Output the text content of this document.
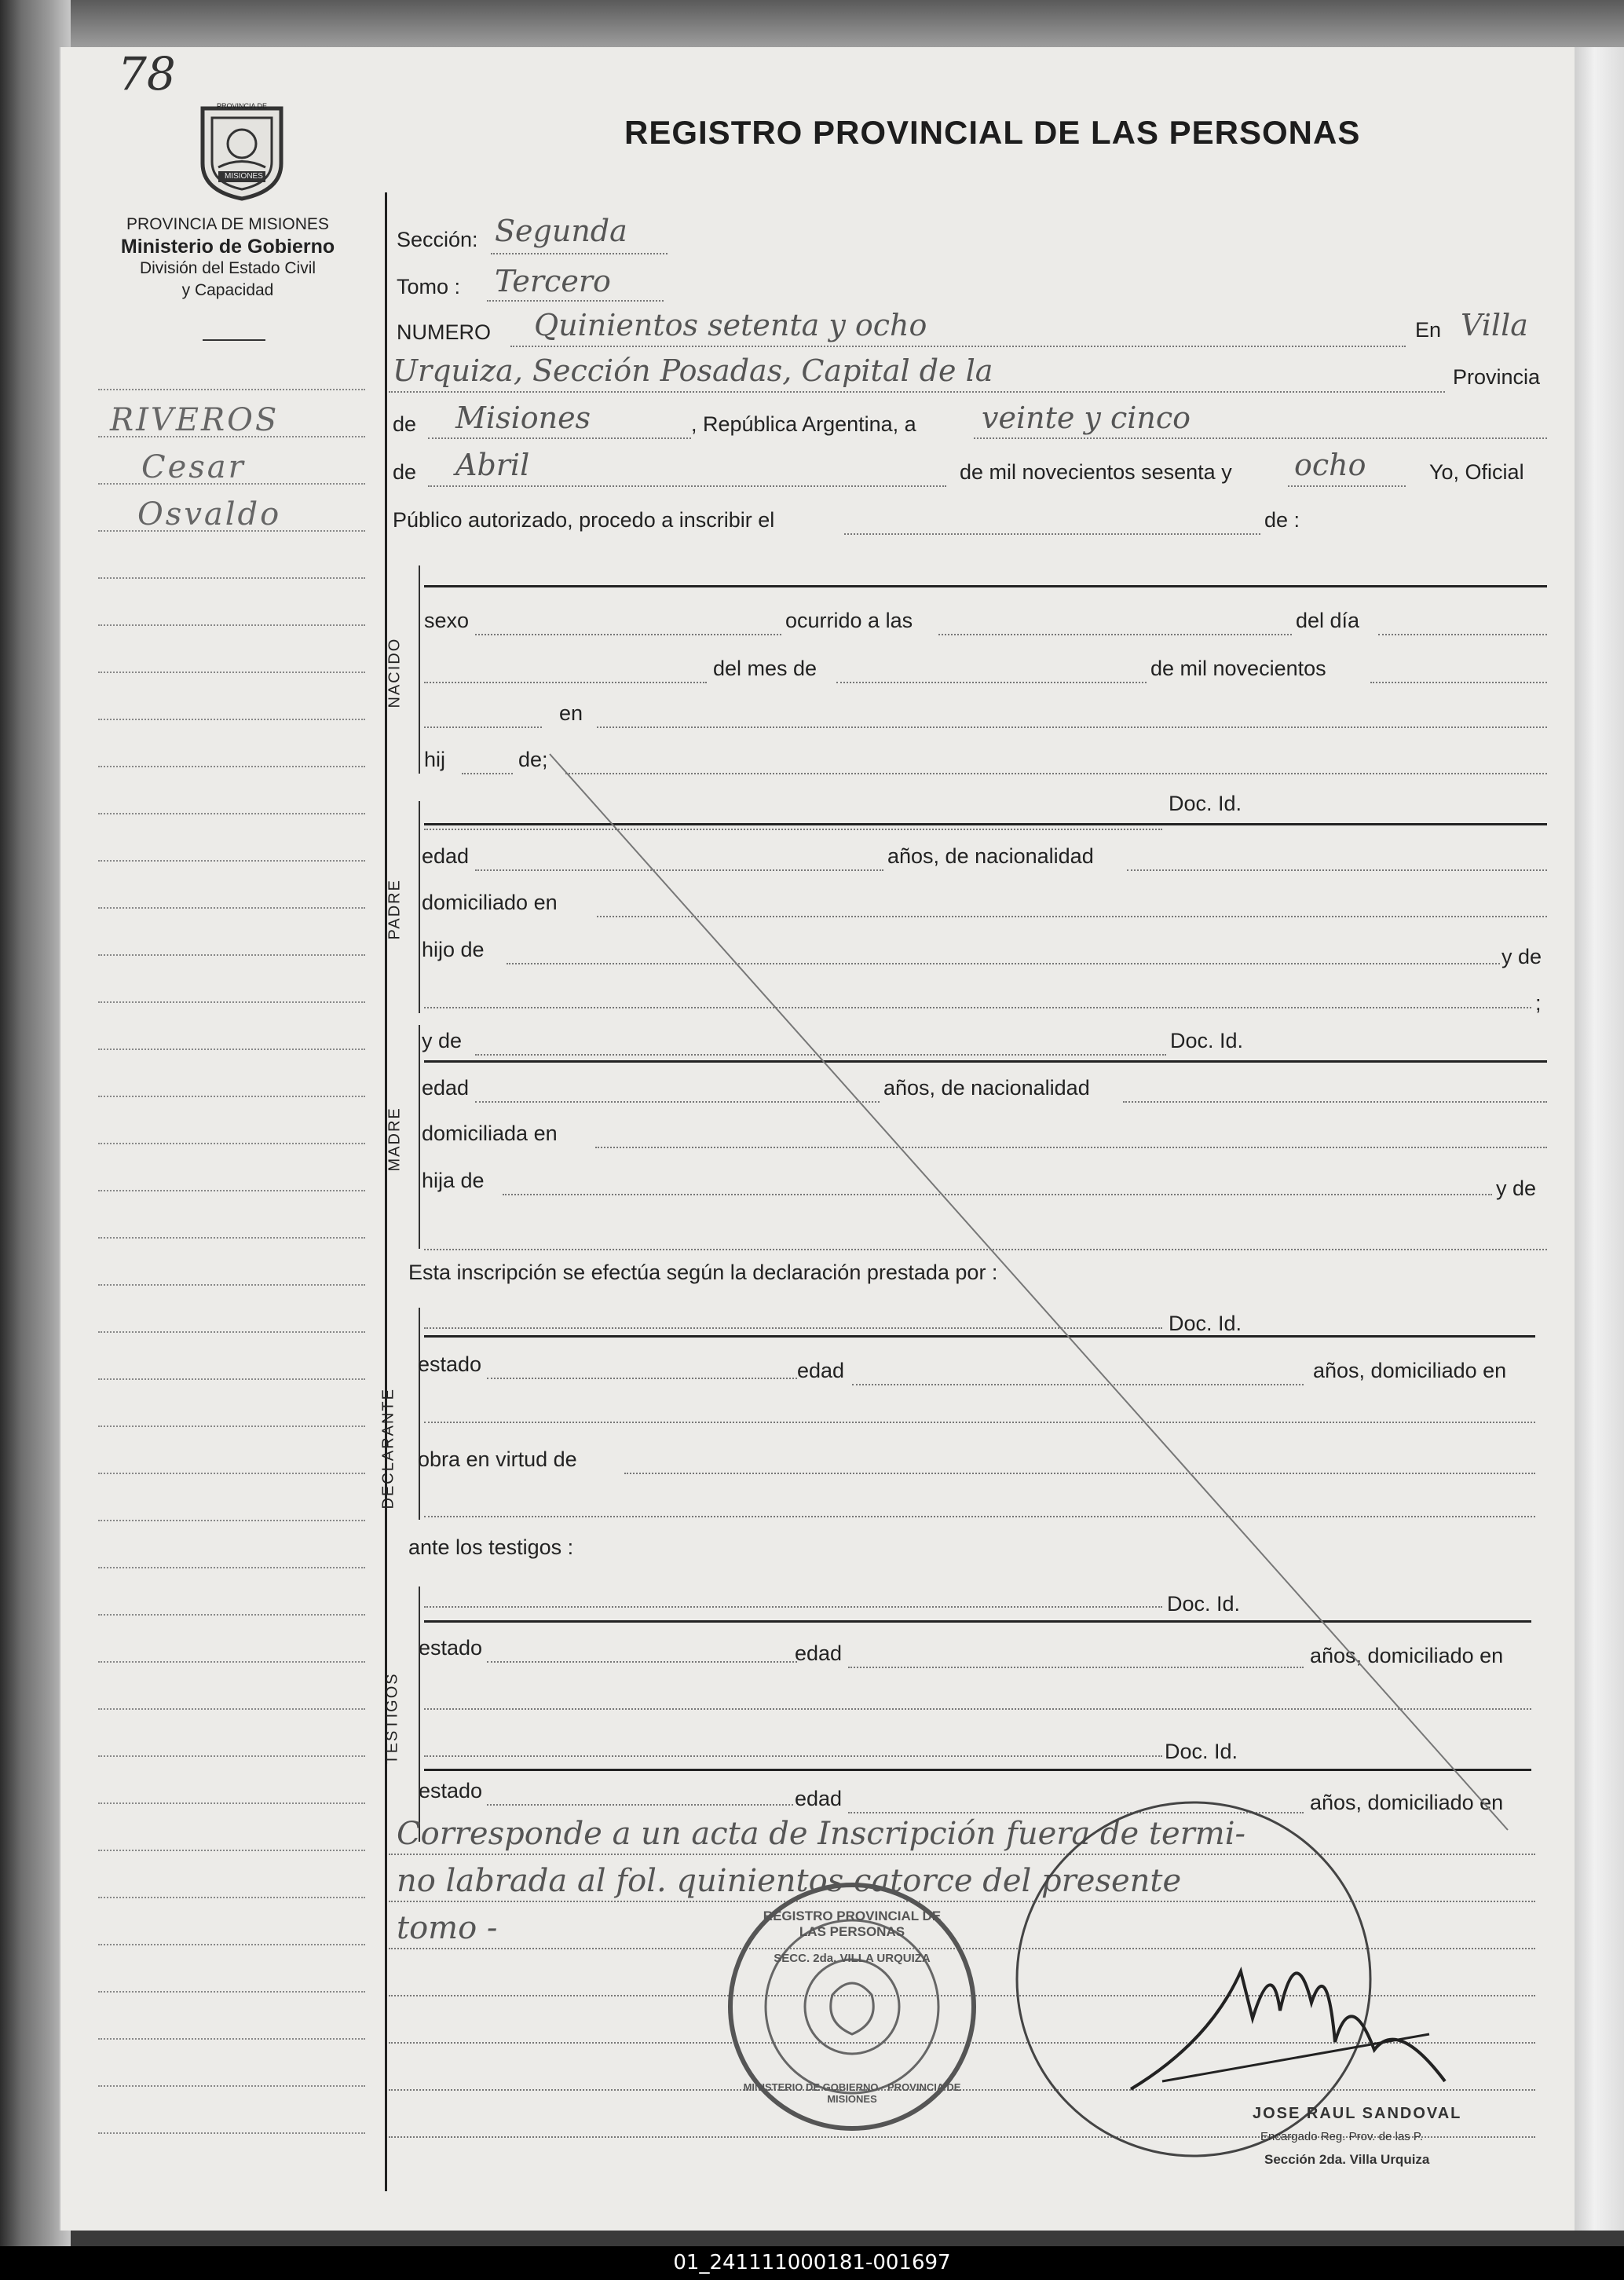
78
REGISTRO PROVINCIAL DE LAS PERSONAS
PROVINCIA DE
MISIONES
PROVINCIA DE MISIONES
Ministerio de Gobierno
División del Estado Civil
y Capacidad
RIVEROS
Cesar
Osvaldo
Sección: Segunda
Tomo : Tercero
NUMERO Quinientos setenta y ocho	En Villa
Urquiza, Sección Posadas, Capital de la	Provincia
de Misiones	, República Argentina, a veinte y cinco
de Abril	de mil novecientos sesenta y ocho	Yo, Oficial
Público autorizado, procedo a inscribir el	de :
NACIDO
sexo	ocurrido a las	del día
del mes de	de mil novecientos
en
hij	de;
Doc. Id.
PADRE
edad	años, de nacionalidad
domiciliado en
hijo de	y de
;
y de	Doc. Id.
MADRE
edad	años, de nacionalidad
domiciliada en
hija de	y de
Esta inscripción se efectúa según la declaración prestada por :
Doc. Id.
DECLARANTE
estado	edad	años, domiciliado en
obra en virtud de
ante los testigos :
Doc. Id.
TESTIGOS
estado	edad	años, domiciliado en
Doc. Id.
estado	edad	años, domiciliado en
Corresponde a un acta de Inscripción fuera de termi-
no labrada al fol. quinientos catorce del presente
tomo -	REGISTRO PROVINCIAL DE LAS PERSONAS
SECC. 2da. VILLA URQUIZA
MINISTERIO DE GOBIERNO · PROVINCIA DE MISIONES
JOSE RAUL SANDOVAL
Encargado Reg. Prov. de las P.
Sección 2da. Villa Urquiza
01_241111000181-001697
